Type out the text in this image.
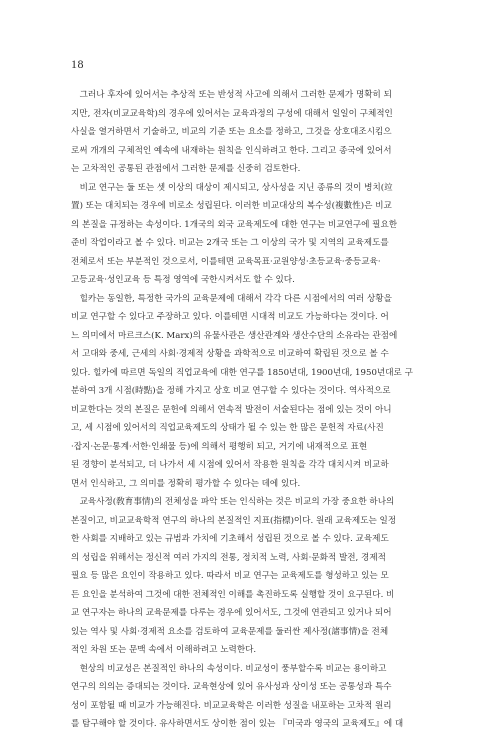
18
　그러나 후자에 있어서는 추상적 또는 반성적 사고에 의해서 그러한 문제가 명확히 되
지만, 전자(비교교육학)의 경우에 있어서는 교육과정의 구성에 대해서 일일이 구체적인
사실을 열거하면서 기술하고, 비교의 기준 또는 요소를 정하고, 그것을 상호대조시킴으
로써 개개의 구체적인 예속에 내재하는 원칙을 인식하려고 한다. 그리고 종국에 있어서
는 고차적인 공통된 관점에서 그러한 문제를 신중히 검토한다.
　비교 연구는 둘 또는 셋 이상의 대상이 제시되고, 상사성을 지닌 종류의 것이 병치(竝
置) 또는 대치되는 경우에 비로소 성립된다. 이러한 비교대상의 복수성(複數性)은 비교
의 본질을 규정하는 속성이다. 1개국의 외국 교육제도에 대한 연구는 비교연구에 필요한
준비 작업이라고 볼 수 있다. 비교는 2개국 또는 그 이상의 국가 및 지역의 교육제도를
전체로서 또는 부분적인 것으로서, 이를테면 교육목표·교원양성·초등교육·중등교육·
고등교육·성인교육 등 특정 영역에 국한시켜서도 할 수 있다.
　힐카는 동일한, 특정한 국가의 교육문제에 대해서 각각 다른 시점에서의 여러 상황을
비교 연구할 수 있다고 주장하고 있다. 이를테면 시대적 비교도 가능하다는 것이다. 어
느 의미에서 마르크스(K. Marx)의 유물사관은 생산관계와 생산수단의 소유라는 관점에
서 고대와 중세, 근세의 사회·경제적 상황을 과학적으로 비교하여 확립된 것으로 볼 수
있다. 힐카에 따르면 독일의 직업교육에 대한 연구를 1850년대, 1900년대, 1950년대로 구
분하여 3개 시점(時點)을 정해 가지고 상호 비교 연구할 수 있다는 것이다. 역사적으로
비교한다는 것의 본질은 문헌에 의해서 연속적 발전이 서술된다는 점에 있는 것이 아니
고, 세 시점에 있어서의 직업교육제도의 상태가 될 수 있는 한 많은 문헌적 자료(사진
·잡지·논문·통계·서한·인쇄물 등)에 의해서 평행히 되고, 거기에 내재적으로 표현
된 경향이 분석되고, 더 나가서 세 시점에 있어서 작용한 원칙을 각각 대치시켜 비교하
면서 인식하고, 그 의미를 정확히 평가할 수 있다는 데에 있다.
　교육사정(敎育事情)의 전체성을 파악 또는 인식하는 것은 비교의 가장 중요한 하나의
본질이고, 비교교육학적 연구의 하나의 본질적인 지표(指標)이다. 원래 교육제도는 일정
한 사회를 지배하고 있는 규범과 가치에 기초해서 성립된 것으로 볼 수 있다. 교육제도
의 성립을 위해서는 정신적 여러 가지의 전통, 정치적 노력, 사회·문화적 발전, 경제적
필요 등 많은 요인이 작용하고 있다. 따라서 비교 연구는 교육제도를 형성하고 있는 모
든 요인을 분석하여 그것에 대한 전체적인 이해를 촉진하도록 실행할 것이 요구된다. 비
교 연구자는 하나의 교육문제를 다루는 경우에 있어서도, 그것에 연관되고 있거나 되어
있는 역사 및 사회·경제적 요소를 검토하여 교육문제를 둘러싼 제사정(諸事情)을 전체
적인 차원 또는 문맥 속에서 이해하려고 노력한다.
　현상의 비교성은 본질적인 하나의 속성이다. 비교성이 풍부할수록 비교는 용이하고
연구의 의의는 증대되는 것이다. 교육현상에 있어 유사성과 상이성 또는 공통성과 특수
성이 포함될 때 비교가 가능해진다. 비교교육학은 이러한 성질을 내포하는 고차적 원리
를 탐구해야 할 것이다. 유사하면서도 상이한 점이 있는 『미국과 영국의 교육제도』에 대
